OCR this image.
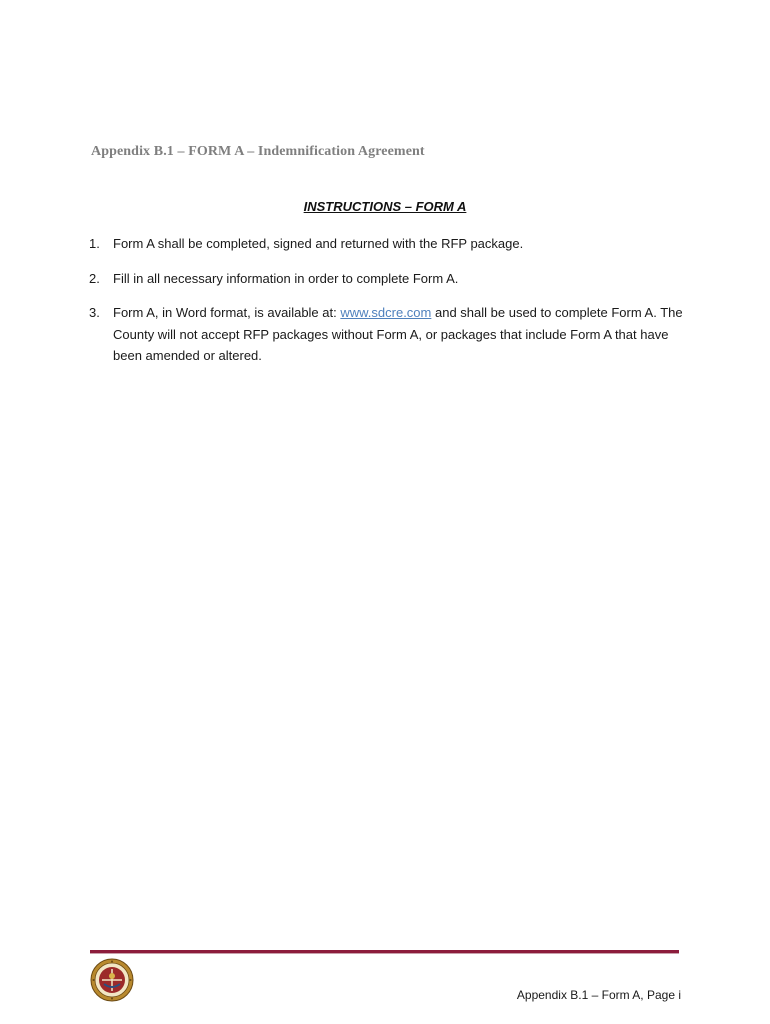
Appendix B.1 – FORM A – Indemnification Agreement
INSTRUCTIONS – FORM A
1. Form A shall be completed, signed and returned with the RFP package.
2. Fill in all necessary information in order to complete Form A.
3. Form A, in Word format, is available at: www.sdcre.com and shall be used to complete Form A. The County will not accept RFP packages without Form A, or packages that include Form A that have been amended or altered.
Appendix B.1 – Form A, Page i
